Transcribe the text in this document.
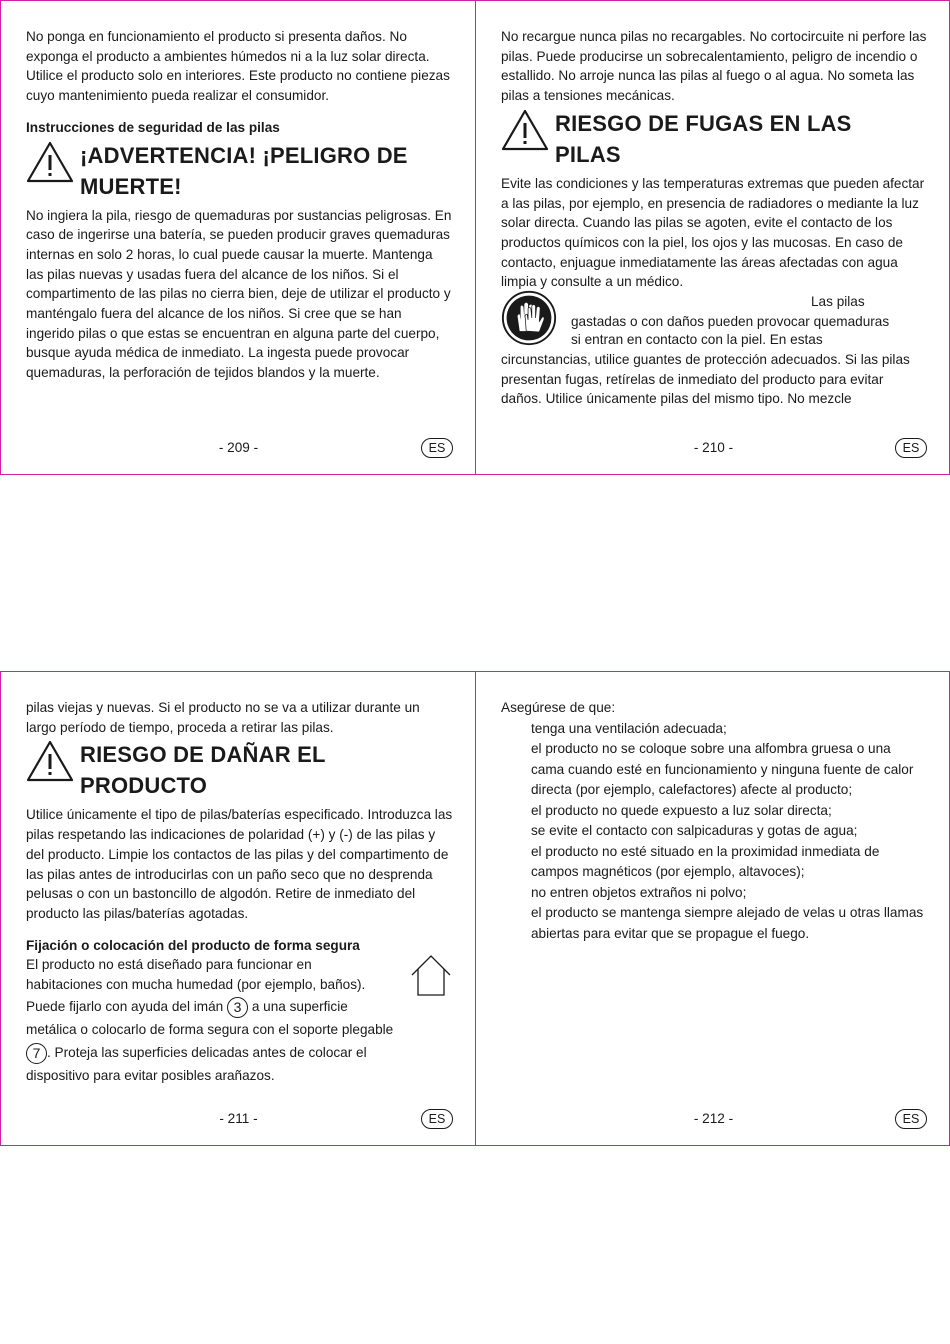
No ponga en funcionamiento el producto si presenta daños. No exponga el producto a ambientes húmedos ni a la luz solar directa. Utilice el producto solo en interiores. Este producto no contiene piezas cuyo mantenimiento pueda realizar el consumidor.

Instrucciones de seguridad de las pilas

¡ADVERTENCIA! ¡PELIGRO DE
MUERTE!

No ingiera la pila, riesgo de quemaduras por sustancias peligrosas. En caso de ingerirse una batería, se pueden producir graves quemaduras internas en solo 2 horas, lo cual puede causar la muerte. Mantenga las pilas nuevas y usadas fuera del alcance de los niños. Si el compartimento de las pilas no cierra bien, deje de utilizar el producto y manténgalo fuera del alcance de los niños. Si cree que se han ingerido pilas o que estas se encuentran en alguna parte del cuerpo, busque ayuda médica de inmediato. La ingesta puede provocar quemaduras, la perforación de tejidos blandos y la muerte.

- 209 -	ES

No recargue nunca pilas no recargables. No cortocircuite ni perfore las pilas. Puede producirse un sobrecalentamiento, peligro de incendio o estallido. No arroje nunca las pilas al fuego o al agua. No someta las pilas a tensiones mecánicas.

RIESGO DE FUGAS EN LAS
PILAS

Evite las condiciones y las temperaturas extremas que pueden afectar a las pilas, por ejemplo, en presencia de radiadores o mediante la luz solar directa. Cuando las pilas se agoten, evite el contacto de los productos químicos con la piel, los ojos y las mucosas. En caso de contacto, enjuague inmediatamente las áreas afectadas con agua limpia y consulte a un médico.

Las pilas
gastadas o con daños pueden provocar quemaduras
si entran en contacto con la piel. En estas

circunstancias, utilice guantes de protección adecuados. Si las pilas presentan fugas, retírelas de inmediato del producto para evitar daños. Utilice únicamente pilas del mismo tipo. No mezcle

- 210 -	ES

pilas viejas y nuevas. Si el producto no se va a utilizar durante un largo período de tiempo, proceda a retirar las pilas.

RIESGO DE DAÑAR EL
PRODUCTO

Utilice únicamente el tipo de pilas/baterías especificado. Introduzca las pilas respetando las indicaciones de polaridad (+) y (-) de las pilas y del producto. Limpie los contactos de las pilas y del compartimento de las pilas antes de introducirlas con un paño seco que no desprenda pelusas o con un bastoncillo de algodón. Retire de inmediato del producto las pilas/baterías agotadas.

Fijación o colocación del producto de forma segura

El producto no está diseñado para funcionar en
habitaciones con mucha humedad (por ejemplo, baños).
Puede fijarlo con ayuda del imán 3 a una superficie
metálica o colocarlo de forma segura con el soporte plegable
7 . Proteja las superficies delicadas antes de colocar el
dispositivo para evitar posibles arañazos.
- 211 -	ES

Asegúrese de que:

tenga una ventilación adecuada;

el producto no se coloque sobre una alfombra gruesa o una cama cuando esté en funcionamiento y ninguna fuente de calor directa (por ejemplo, calefactores) afecte al producto;

el producto no quede expuesto a luz solar directa;

se evite el contacto con salpicaduras y gotas de agua;

el producto no esté situado en la proximidad inmediata de campos magnéticos (por ejemplo, altavoces);

no entren objetos extraños ni polvo;

el producto se mantenga siempre alejado de velas u otras llamas abiertas para evitar que se propague el fuego.

- 212 -	ES
